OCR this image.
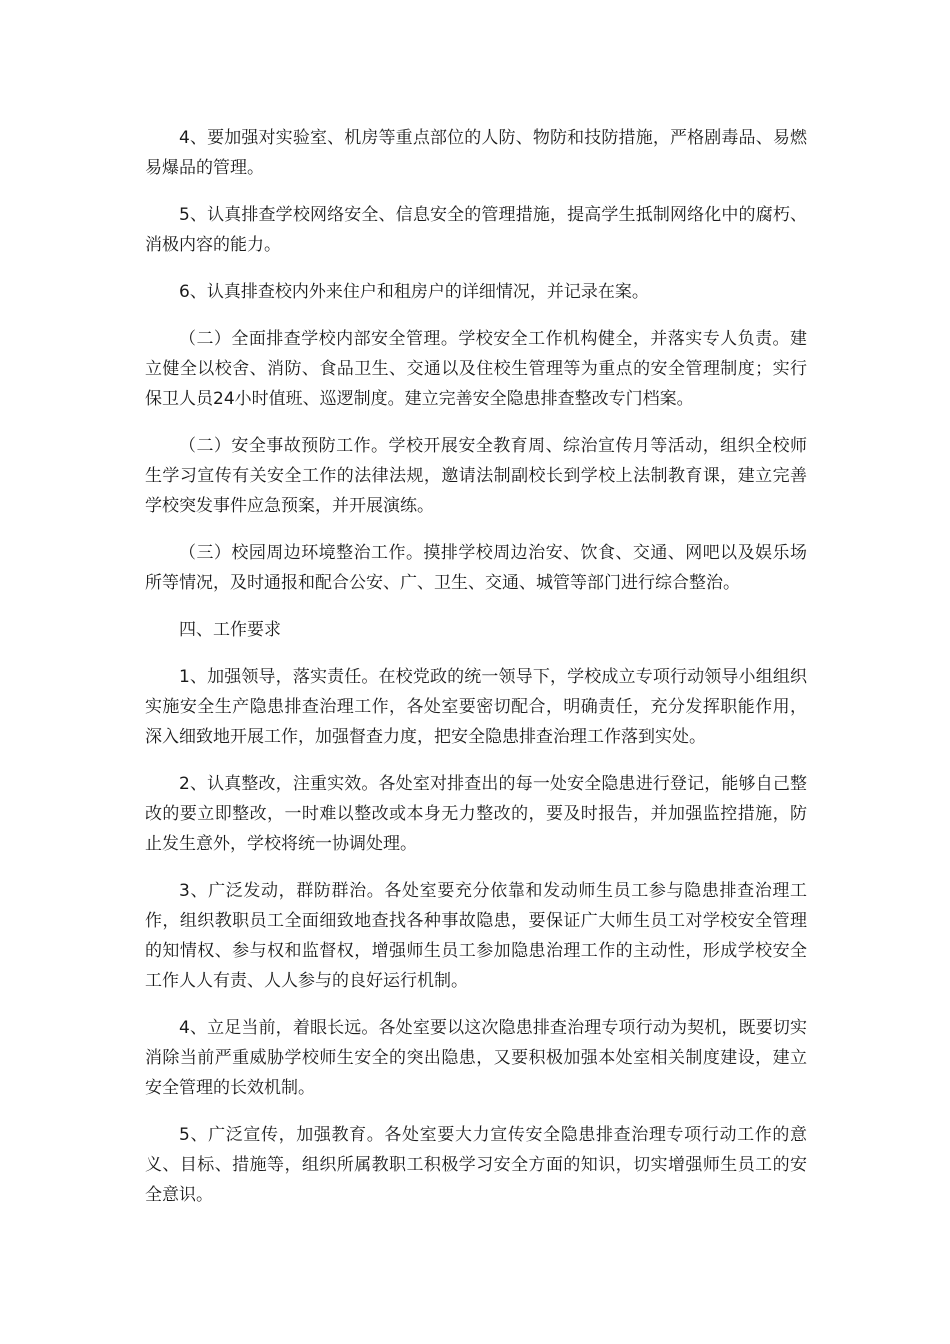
4、要加强对实验室、机房等重点部位的人防、物防和技防措施，严格剧毒品、易燃易爆品的管理。

5、认真排查学校网络安全、信息安全的管理措施，提高学生抵制网络化中的腐朽、消极内容的能力。

6、认真排查校内外来住户和租房户的详细情况，并记录在案。

（二）全面排查学校内部安全管理。学校安全工作机构健全，并落实专人负责。建立健全以校舍、消防、食品卫生、交通以及住校生管理等为重点的安全管理制度；实行保卫人员24小时值班、巡逻制度。建立完善安全隐患排查整改专门档案。

（二）安全事故预防工作。学校开展安全教育周、综治宣传月等活动，组织全校师生学习宣传有关安全工作的法律法规，邀请法制副校长到学校上法制教育课，建立完善学校突发事件应急预案，并开展演练。

（三）校园周边环境整治工作。摸排学校周边治安、饮食、交通、网吧以及娱乐场所等情况，及时通报和配合公安、广、卫生、交通、城管等部门进行综合整治。

四、工作要求

1、加强领导，落实责任。在校党政的统一领导下，学校成立专项行动领导小组组织实施安全生产隐患排查治理工作，各处室要密切配合，明确责任，充分发挥职能作用，深入细致地开展工作，加强督查力度，把安全隐患排查治理工作落到实处。

2、认真整改，注重实效。各处室对排查出的每一处安全隐患进行登记，能够自己整改的要立即整改，一时难以整改或本身无力整改的，要及时报告，并加强监控措施，防止发生意外，学校将统一协调处理。

3、广泛发动，群防群治。各处室要充分依靠和发动师生员工参与隐患排查治理工作，组织教职员工全面细致地查找各种事故隐患，要保证广大师生员工对学校安全管理的知情权、参与权和监督权，增强师生员工参加隐患治理工作的主动性，形成学校安全工作人人有责、人人参与的良好运行机制。

4、立足当前，着眼长远。各处室要以这次隐患排查治理专项行动为契机，既要切实消除当前严重威胁学校师生安全的突出隐患，又要积极加强本处室相关制度建设，建立安全管理的长效机制。

5、广泛宣传，加强教育。各处室要大力宣传安全隐患排查治理专项行动工作的意义、目标、措施等，组织所属教职工积极学习安全方面的知识，切实增强师生员工的安全意识。
